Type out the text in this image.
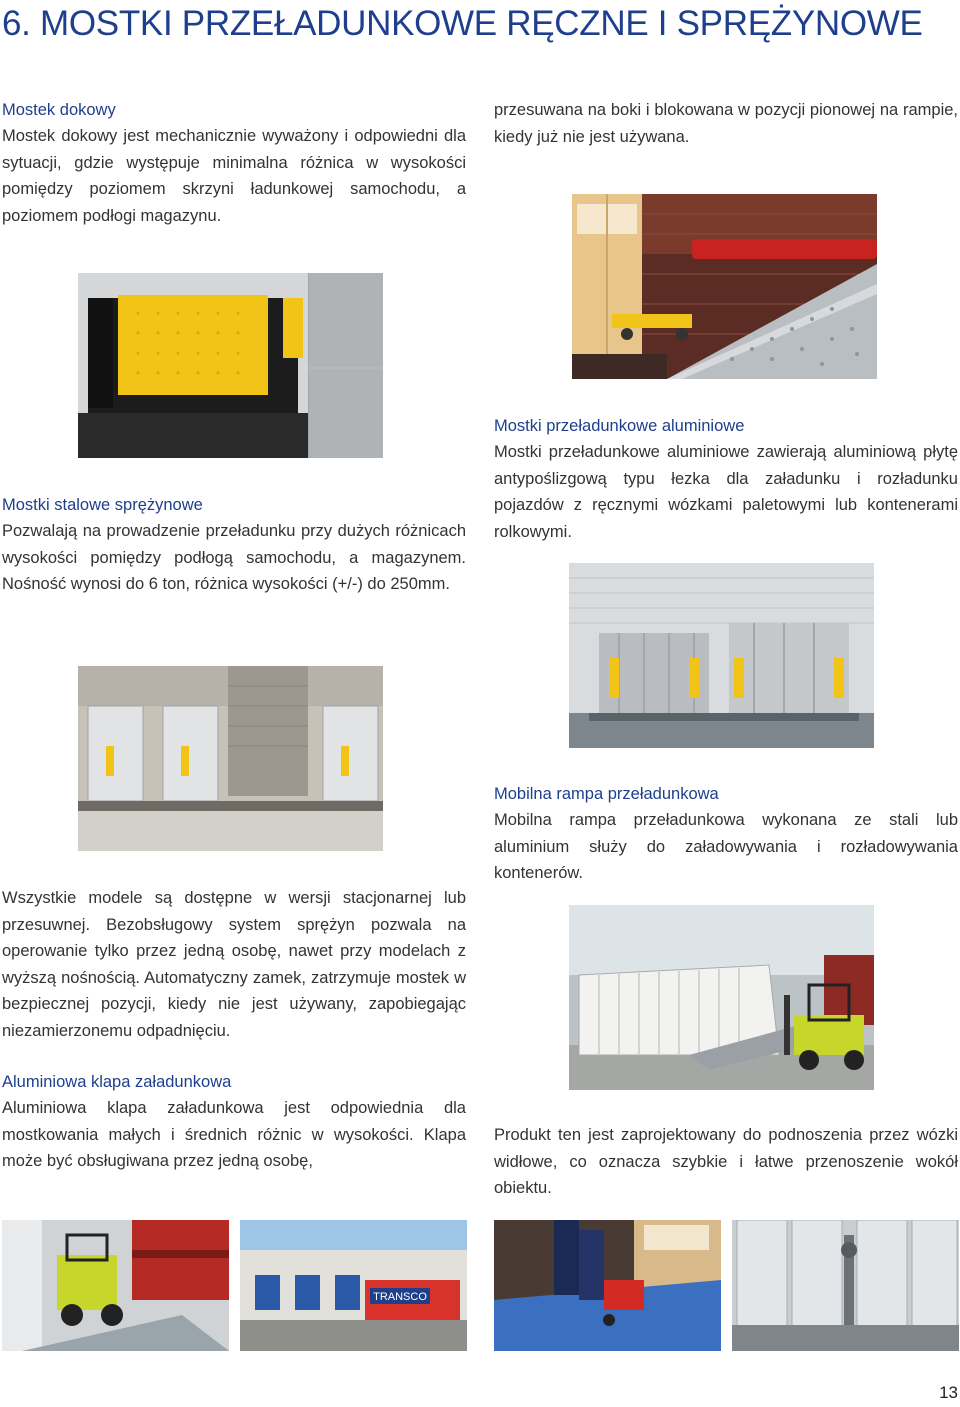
6. MOSTKI PRZEŁADUNKOWE RĘCZNE I SPRĘŻYNOWE
Mostek dokowy
Mostek dokowy jest mechanicznie wyważony i odpowiedni dla sytuacji, gdzie występuje minimalna różnica w wysokości pomiędzy poziomem skrzyni ładunkowej samochodu, a poziomem podłogi magazynu.
przesuwana na boki i blokowana w pozycji pionowej na rampie, kiedy już nie jest używana.
Mostki stalowe sprężynowe
Pozwalają na prowadzenie przeładunku przy dużych różnicach wysokości pomiędzy podłogą samochodu, a magazynem. Nośność wynosi do 6 ton, różnica wysokości (+/-) do 250mm.
Mostki przeładunkowe aluminiowe
Mostki przeładunkowe aluminiowe zawierają aluminiową płytę antypoślizgową typu łezka dla załadunku i rozładunku pojazdów z ręcznymi wózkami paletowymi lub kontenerami rolkowymi.
Mobilna rampa przeładunkowa
Mobilna rampa przeładunkowa wykonana ze stali lub aluminium służy do załadowywania i rozładowywania kontenerów.
Wszystkie modele są dostępne w wersji stacjonarnej lub przesuwnej. Bezobsługowy system sprężyn pozwala na operowanie tylko przez jedną osobę, nawet przy modelach z wyższą nośnością. Automatyczny zamek, zatrzymuje mostek w bezpiecznej pozycji, kiedy nie jest używany, zapobiegając niezamierzonemu odpadnięciu.
Aluminiowa klapa załadunkowa
Aluminiowa klapa załadunkowa jest odpowiednia dla mostkowania małych i średnich różnic w wysokości. Klapa może być obsługiwana przez jedną osobę,
Produkt ten jest zaprojektowany do podnoszenia przez wózki widłowe, co oznacza szybkie i łatwe przenoszenie wokół obiektu.
TRANSCO
13
